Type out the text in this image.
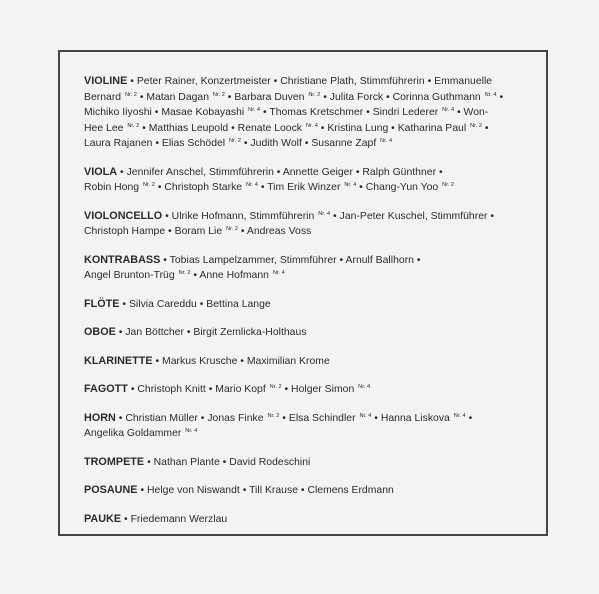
VIOLINE • Peter Rainer, Konzertmeister • Christiane Plath, Stimmführerin • Emmanuelle
Bernard $^{Nr. 2}$ • Matan Dagan $^{Nr. 2}$ • Barbara Duven $^{Nr. 2}$ • Julita Forck • Corinna Guthmann $^{Nr. 4}$ •
Michiko Iiyoshi • Masae Kobayashi $^{Nr. 4}$ • Thomas Kretschmer • Sindri Lederer $^{Nr. 4}$ • Won-
Hee Lee $^{Nr. 2}$ • Matthias Leupold • Renate Loock $^{Nr. 4}$ • Kristina Lung • Katharina Paul $^{Nr. 2}$ •
Laura Rajanen • Elias Schödel $^{Nr. 2}$ • Judith Wolf • Susanne Zapf $^{Nr. 4}$
VIOLA • Jennifer Anschel, Stimmführerin • Annette Geiger • Ralph Günthner •
Robin Hong $^{Nr. 2}$ • Christoph Starke $^{Nr. 4}$ • Tim Erik Winzer $^{Nr. 4}$ • Chang-Yun Yoo $^{Nr. 2}$
VIOLONCELLO • Ulrike Hofmann, Stimmführerin $^{Nr. 4}$ • Jan-Peter Kuschel, Stimmführer •
Christoph Hampe • Boram Lie $^{Nr. 2}$ • Andreas Voss
KONTRABASS • Tobias Lampelzammer, Stimmführer • Arnulf Ballhorn •
Angel Brunton-Trüg $^{Nr. 2}$ • Anne Hofmann $^{Nr. 4}$
FLÖTE • Silvia Careddu • Bettina Lange
OBOE • Jan Böttcher • Birgit Zemlicka-Holthaus
KLARINETTE • Markus Krusche • Maximilian Krome
FAGOTT • Christoph Knitt • Mario Kopf $^{Nr. 2}$ • Holger Simon $^{Nr. 4}$
HORN • Christian Müller • Jonas Finke $^{Nr. 2}$ • Elsa Schindler $^{Nr. 4}$ • Hanna Liskova $^{Nr. 4}$ •
Angelika Goldammer $^{Nr. 4}$
TROMPETE • Nathan Plante • David Rodeschini
POSAUNE • Helge von Niswandt • Till Krause • Clemens Erdmann
PAUKE • Friedemann Werzlau
